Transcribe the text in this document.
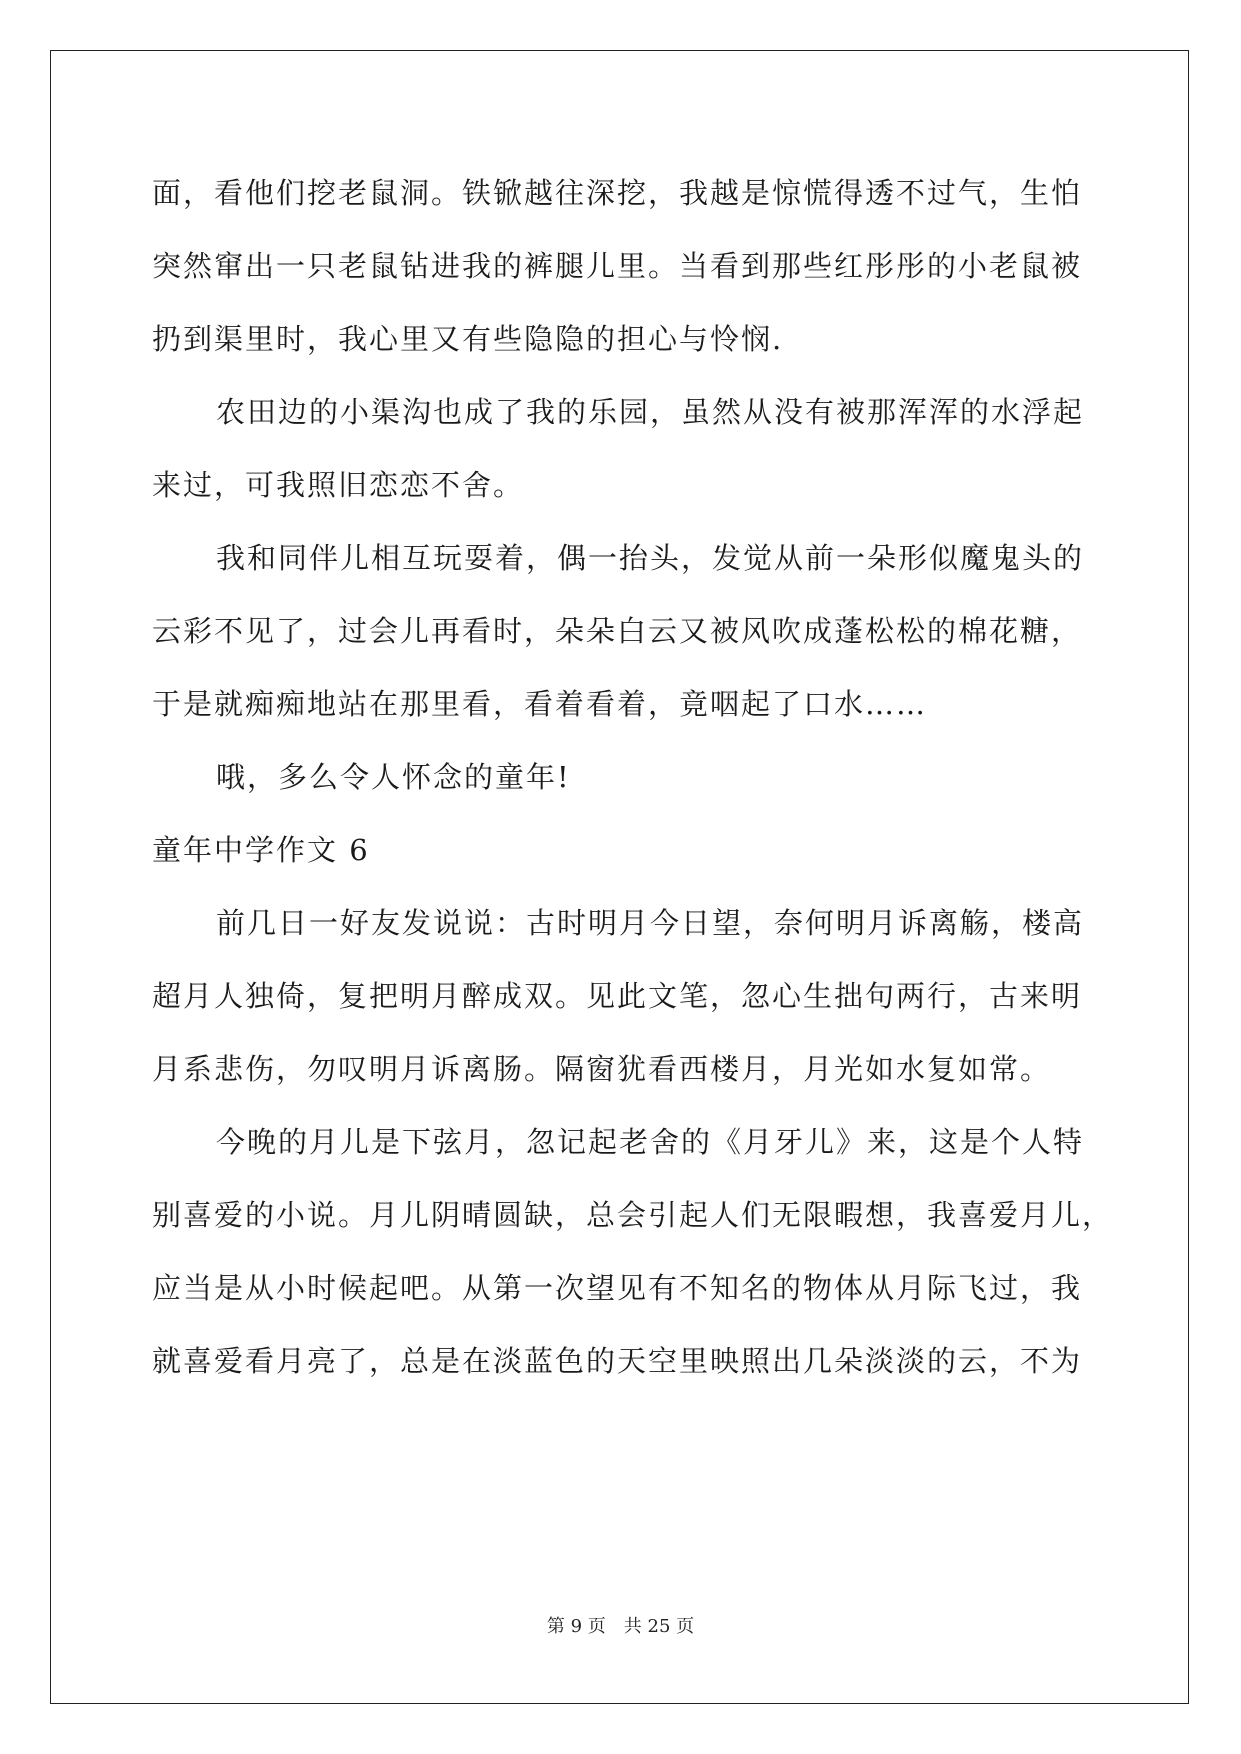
面，看他们挖老鼠洞。铁锨越往深挖，我越是惊慌得透不过气，生怕
突然窜出一只老鼠钻进我的裤腿儿里。当看到那些红彤彤的小老鼠被
扔到渠里时，我心里又有些隐隐的担心与怜悯.
农田边的小渠沟也成了我的乐园，虽然从没有被那浑浑的水浮起
来过，可我照旧恋恋不舍。
我和同伴儿相互玩耍着，偶一抬头，发觉从前一朵形似魔鬼头的
云彩不见了，过会儿再看时，朵朵白云又被风吹成蓬松松的棉花糖，
于是就痴痴地站在那里看，看着看着，竟咽起了口水……
哦，多么令人怀念的童年!
童年中学作文 6
前几日一好友发说说：古时明月今日望，奈何明月诉离觞，楼高
超月人独倚，复把明月醉成双。见此文笔，忽心生拙句两行，古来明
月系悲伤，勿叹明月诉离肠。隔窗犹看西楼月，月光如水复如常。
今晚的月儿是下弦月，忽记起老舍的《月牙儿》来，这是个人特
别喜爱的小说。月儿阴晴圆缺，总会引起人们无限暇想，我喜爱月儿，
应当是从小时候起吧。从第一次望见有不知名的物体从月际飞过，我
就喜爱看月亮了，总是在淡蓝色的天空里映照出几朵淡淡的云，不为
第 9 页　共 25 页
